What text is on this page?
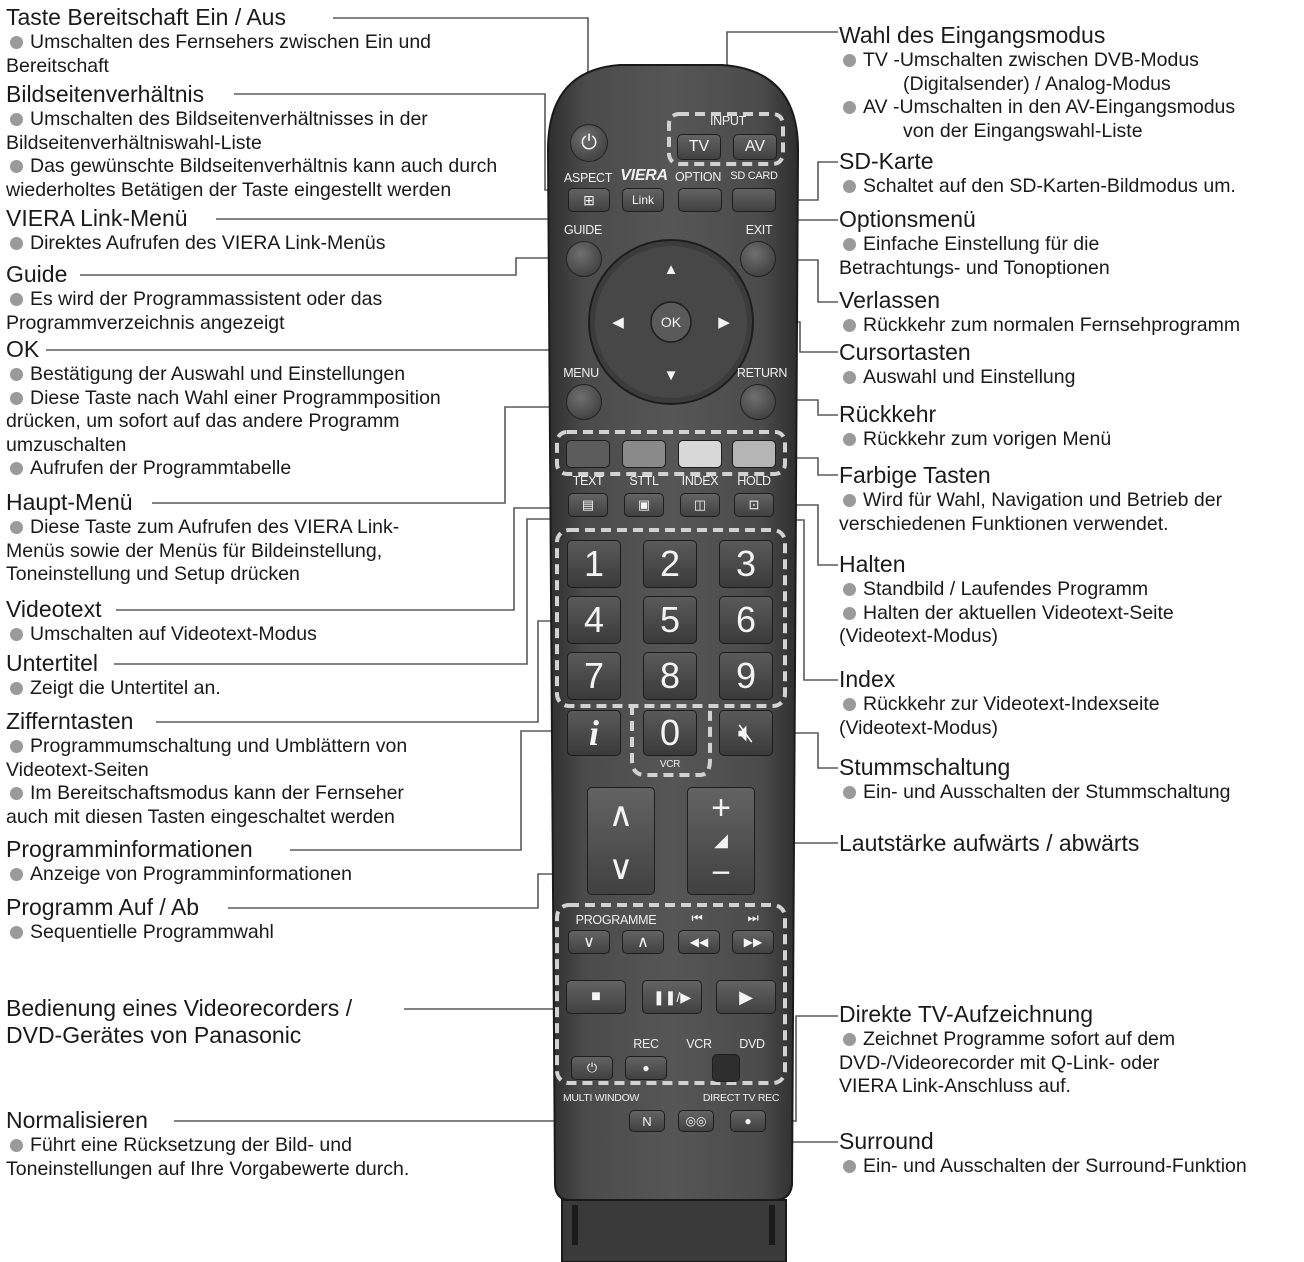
⏻
INPUT
TV	AV
ASPECT VIERA OPTION SD CARD
⊞	Link
GUIDE	EXIT
▲
▼
◀	▶
OK
MENU	RETURN
TEXT	STTL	INDEX	HOLD
▤	▣	◫	⊡
1	2	3
4	5	6
7	8	9
i	0
VCR
🔇︎
∧
∨
+
◢
−
PROGRAMME	⏮	⏭
∨	∧	◀◀	▶▶
■	❚❚/▶	▶
REC	VCR	DVD
⏻	●
MULTI WINDOW	DIRECT TV REC
N	◎◎	●
Taste Bereitschaft Ein / Aus
Umschalten des Fernsehers zwischen Ein und
Bereitschaft
Bildseitenverhältnis
Umschalten des Bildseitenverhältnisses in der
Bildseitenverhältniswahl-Liste
Das gewünschte Bildseitenverhältnis kann auch durch
wiederholtes Betätigen der Taste eingestellt werden
VIERA Link-Menü
Direktes Aufrufen des VIERA Link-Menüs
Guide
Es wird der Programmassistent oder das
Programmverzeichnis angezeigt
OK
Bestätigung der Auswahl und Einstellungen
Diese Taste nach Wahl einer Programmposition
drücken, um sofort auf das andere Programm
umzuschalten
Aufrufen der Programmtabelle
Haupt-Menü
Diese Taste zum Aufrufen des VIERA Link-
Menüs sowie der Menüs für Bildeinstellung,
Toneinstellung und Setup drücken
Videotext
Umschalten auf Videotext-Modus
Untertitel
Zeigt die Untertitel an.
Zifferntasten
Programmumschaltung und Umblättern von
Videotext-Seiten
Im Bereitschaftsmodus kann der Fernseher
auch mit diesen Tasten eingeschaltet werden
Programminformationen
Anzeige von Programminformationen
Programm Auf / Ab
Sequentielle Programmwahl
Bedienung eines Videorecorders /
DVD-Gerätes von Panasonic
Normalisieren
Führt eine Rücksetzung der Bild- und
Toneinstellungen auf Ihre Vorgabewerte durch.
Wahl des Eingangsmodus
TV -Umschalten zwischen DVB-Modus
(Digitalsender) / Analog-Modus
AV -Umschalten in den AV-Eingangsmodus
von der Eingangswahl-Liste
SD-Karte
Schaltet auf den SD-Karten-Bildmodus um.
Optionsmenü
Einfache Einstellung für die
Betrachtungs- und Tonoptionen
Verlassen
Rückkehr zum normalen Fernsehprogramm
Cursortasten
Auswahl und Einstellung
Rückkehr
Rückkehr zum vorigen Menü
Farbige Tasten
Wird für Wahl, Navigation und Betrieb der
verschiedenen Funktionen verwendet.
Halten
Standbild / Laufendes Programm
Halten der aktuellen Videotext-Seite
(Videotext-Modus)
Index
Rückkehr zur Videotext-Indexseite
(Videotext-Modus)
Stummschaltung
Ein- und Ausschalten der Stummschaltung
Lautstärke aufwärts / abwärts
Direkte TV-Aufzeichnung
Zeichnet Programme sofort auf dem
DVD-/Videorecorder mit Q-Link- oder
VIERA Link-Anschluss auf.
Surround
Ein- und Ausschalten der Surround-Funktion
